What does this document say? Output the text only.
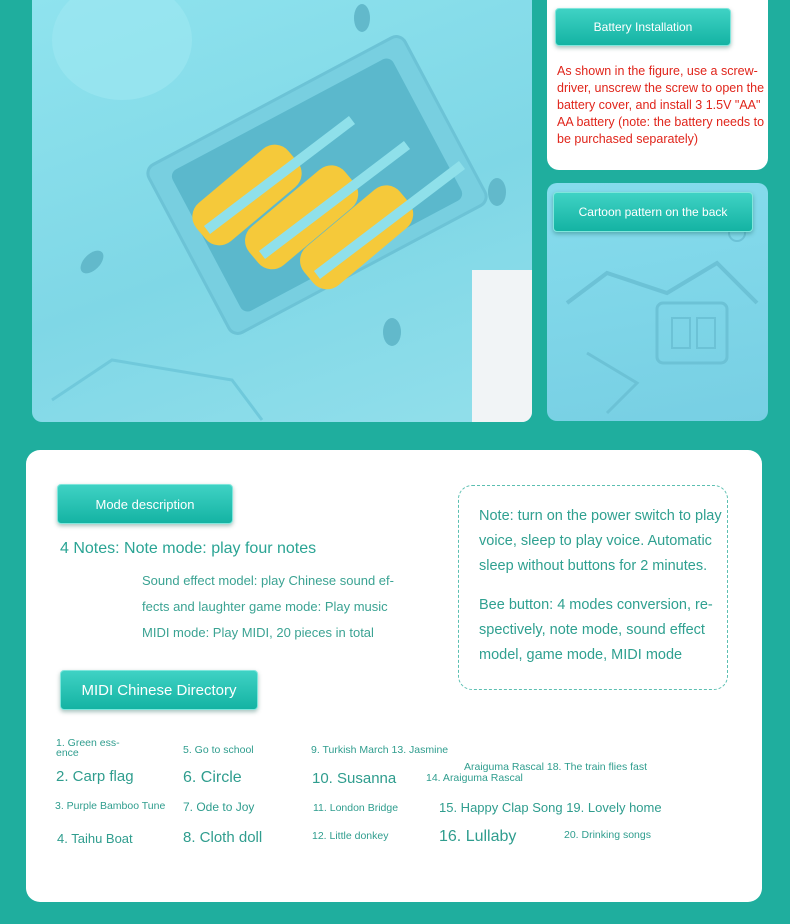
Battery Installation
As shown in the figure, use a screw-driver, unscrew the screw to open the battery cover, and install 3 1.5V "AA" AA battery (note: the battery needs to be purchased separately)
Cartoon pattern on the back
Mode description
4 Notes: Note mode: play four notes
Sound effect model: play Chinese sound ef-
fects and laughter game mode: Play music
MIDI mode: Play MIDI, 20 pieces in total

Note: turn on the power switch to play voice, sleep to play voice. Automatic sleep without buttons for 2 minutes.

Bee button: 4 modes conversion, re-spectively, note mode, sound effect model, game mode, MIDI mode

MIDI Chinese Directory
1. Green ess- ence
2. Carp flag
3. Purple Bamboo Tune
4. Taihu Boat
5. Go to school
6. Circle
7. Ode to Joy
8. Cloth doll
9. Turkish March 13. Jasmine
10. Susanna
11. London Bridge
12. Little donkey
Araiguma Rascal 18. The train flies fast
14. Araiguma Rascal
15. Happy Clap Song 19. Lovely home
16. Lullaby	20. Drinking songs
